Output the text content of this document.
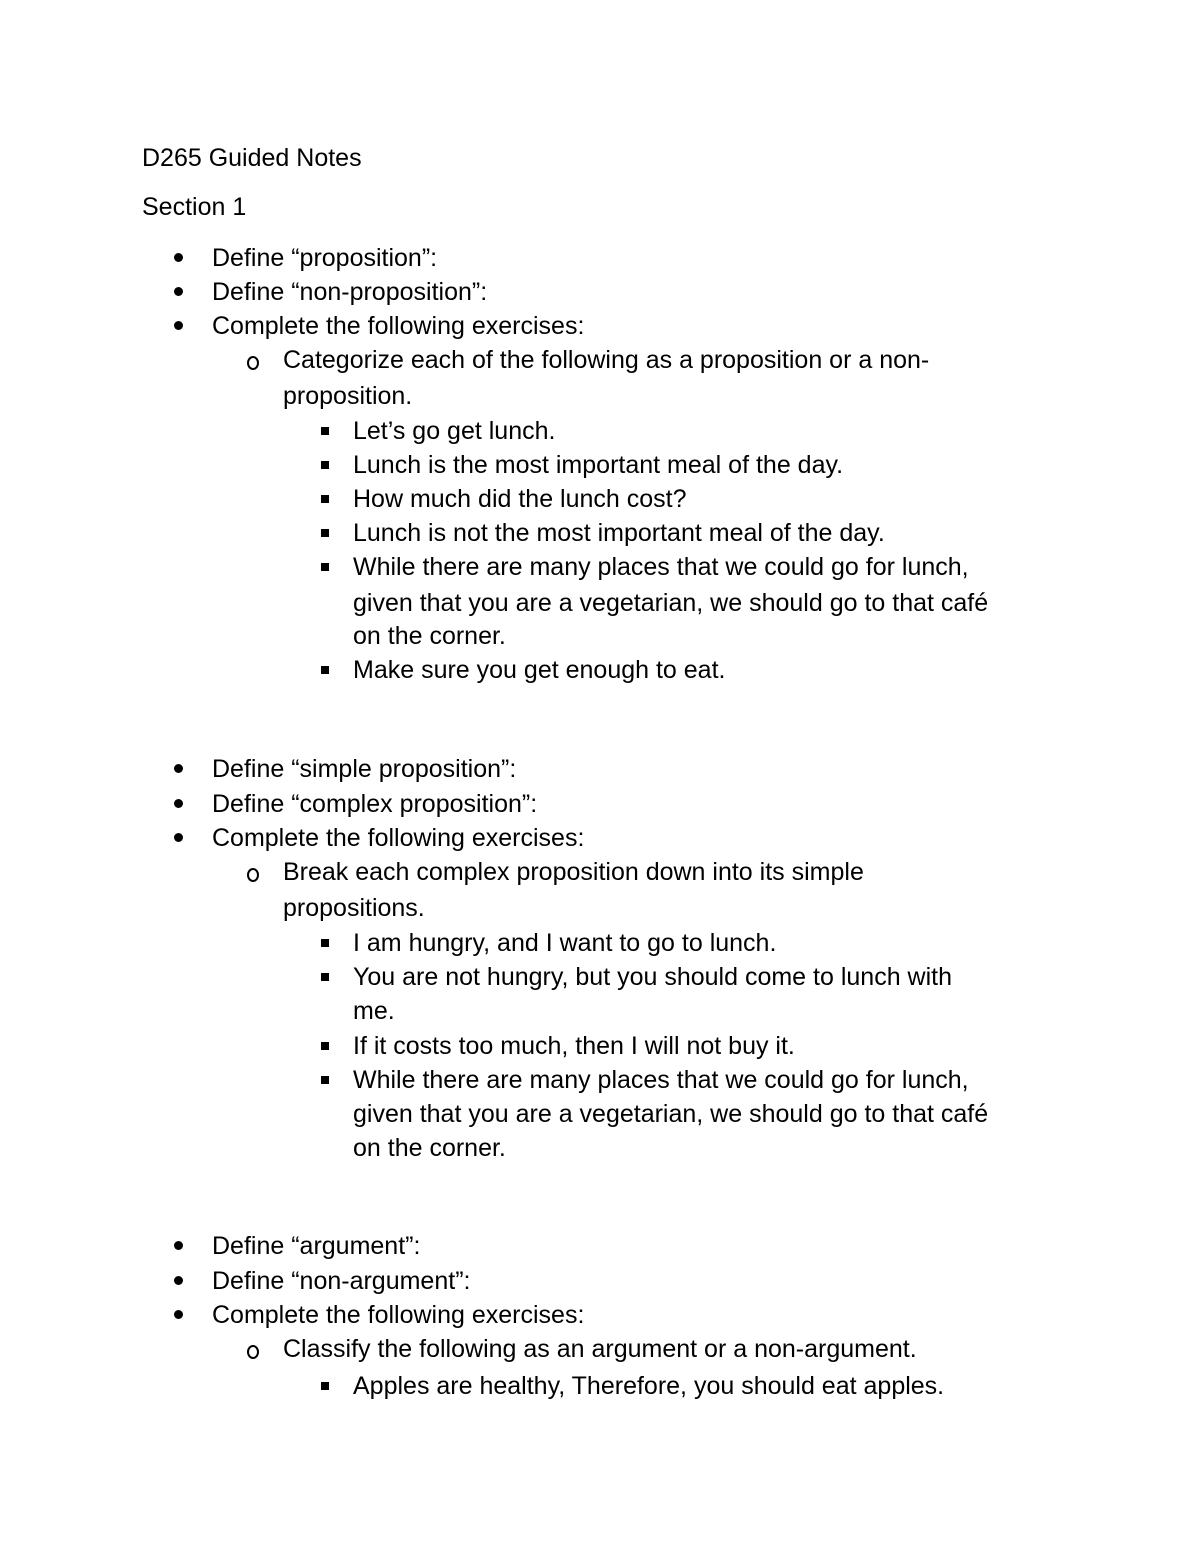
D265 Guided Notes
Section 1
Define “proposition”:
Define “non-proposition”:
Complete the following exercises:
Categorize each of the following as a proposition or a non-
proposition.
Let’s go get lunch.
Lunch is the most important meal of the day.
How much did the lunch cost?
Lunch is not the most important meal of the day.
While there are many places that we could go for lunch,
given that you are a vegetarian, we should go to that café
on the corner.
Make sure you get enough to eat.
Define “simple proposition”:
Define “complex proposition”:
Complete the following exercises:
Break each complex proposition down into its simple
propositions.
I am hungry, and I want to go to lunch.
You are not hungry, but you should come to lunch with
me.
If it costs too much, then I will not buy it.
While there are many places that we could go for lunch,
given that you are a vegetarian, we should go to that café
on the corner.
Define “argument”:
Define “non-argument”:
Complete the following exercises:
Classify the following as an argument or a non-argument.
Apples are healthy, Therefore, you should eat apples.
